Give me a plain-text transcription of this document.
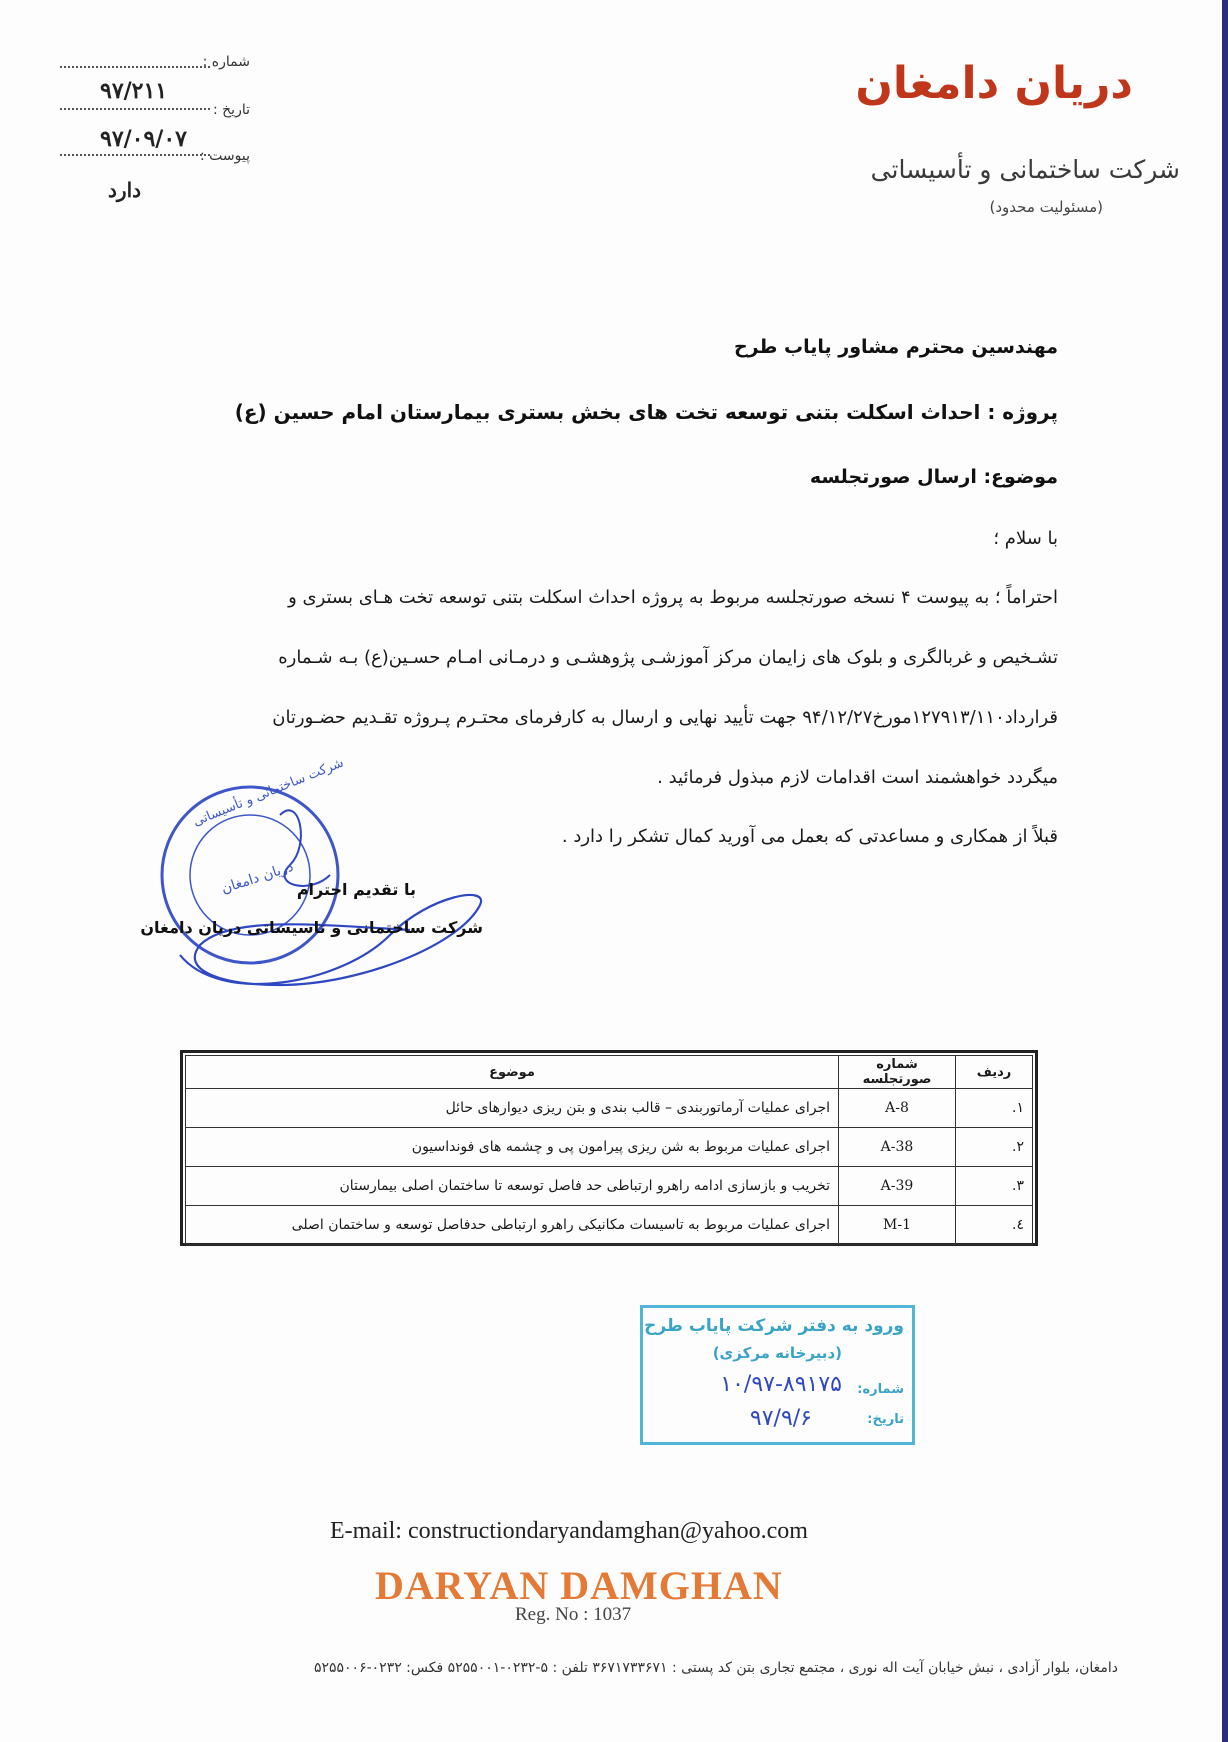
شماره :
۹۷/۲۱۱
تاریخ :
۹۷/۰۹/۰۷
پیوست :
دارد
دریان دامغان
شرکت ساختمانی و تأسیساتی
(مسئولیت محدود)
مهندسین محترم مشاور پایاب طرح
پروژه : احداث اسکلت بتنی توسعه تخت های بخش بستری بیمارستان امام حسین (ع)
موضوع: ارسال صورتجلسه
با سلام ؛
احتراماً ؛ به پیوست ۴ نسخه صورتجلسه مربوط به پروژه احداث اسکلت بتنی توسعه تخت هـای بستری و
تشـخیص و غربالگری و بلوک های زایمان مرکز آموزشـی پژوهشـی و درمـانی امـام حسـین(ع) بـه شـماره
قرارداد۱۲۷۹۱۳/۱۱۰مورخ۹۴/۱۲/۲۷ جهت تأیید نهایی و ارسال به کارفرمای محتـرم پـروژه تقـدیم حضـورتان
میگردد خواهشمند است اقدامات لازم مبذول فرمائید .
قبلاً از همکاری و مساعدتی که بعمل می آورید کمال تشکر را دارد .
شرکت ساختمانی و تأسیساتی
دریان دامغان با تقدیم احترام
شرکت ساختمانی و تاسیساتی دریان دامغان
ردیف	شماره صورتجلسه	موضوع
۱.	A-8	اجرای عملیات آرماتوربندی – قالب بندی و بتن ریزی دیوارهای حائل
۲.	A-38	اجرای عملیات مربوط به شن ریزی پیرامون پی و چشمه های فونداسیون
۳.	A-39	تخریب و بازسازی ادامه راهرو ارتباطی حد فاصل توسعه تا ساختمان اصلی بیمارستان
٤.	M-1	اجرای عملیات مربوط به تاسیسات مکانیکی راهرو ارتباطی حدفاصل توسعه و ساختمان اصلی
ورود به دفتر شرکت پایاب طرح
(دبیرخانه مرکزی)
شماره:
۱۰/۹۷-۸۹۱۷۵
تاریخ:
۹۷/۹/۶
E-mail: constructiondaryandamghan@yahoo.com
DARYAN DAMGHAN
Reg. No : 1037
دامغان، بلوار آزادی ، نبش خیابان آیت اله نوری ، مجتمع تجاری بتن کد پستی : ۳۶۷۱۷۳۳۶۷۱ تلفن : ۵-۰۲۳۲-۵۲۵۵۰۰۱ فکس: ۰۲۳۲-۵۲۵۵۰۰۶
